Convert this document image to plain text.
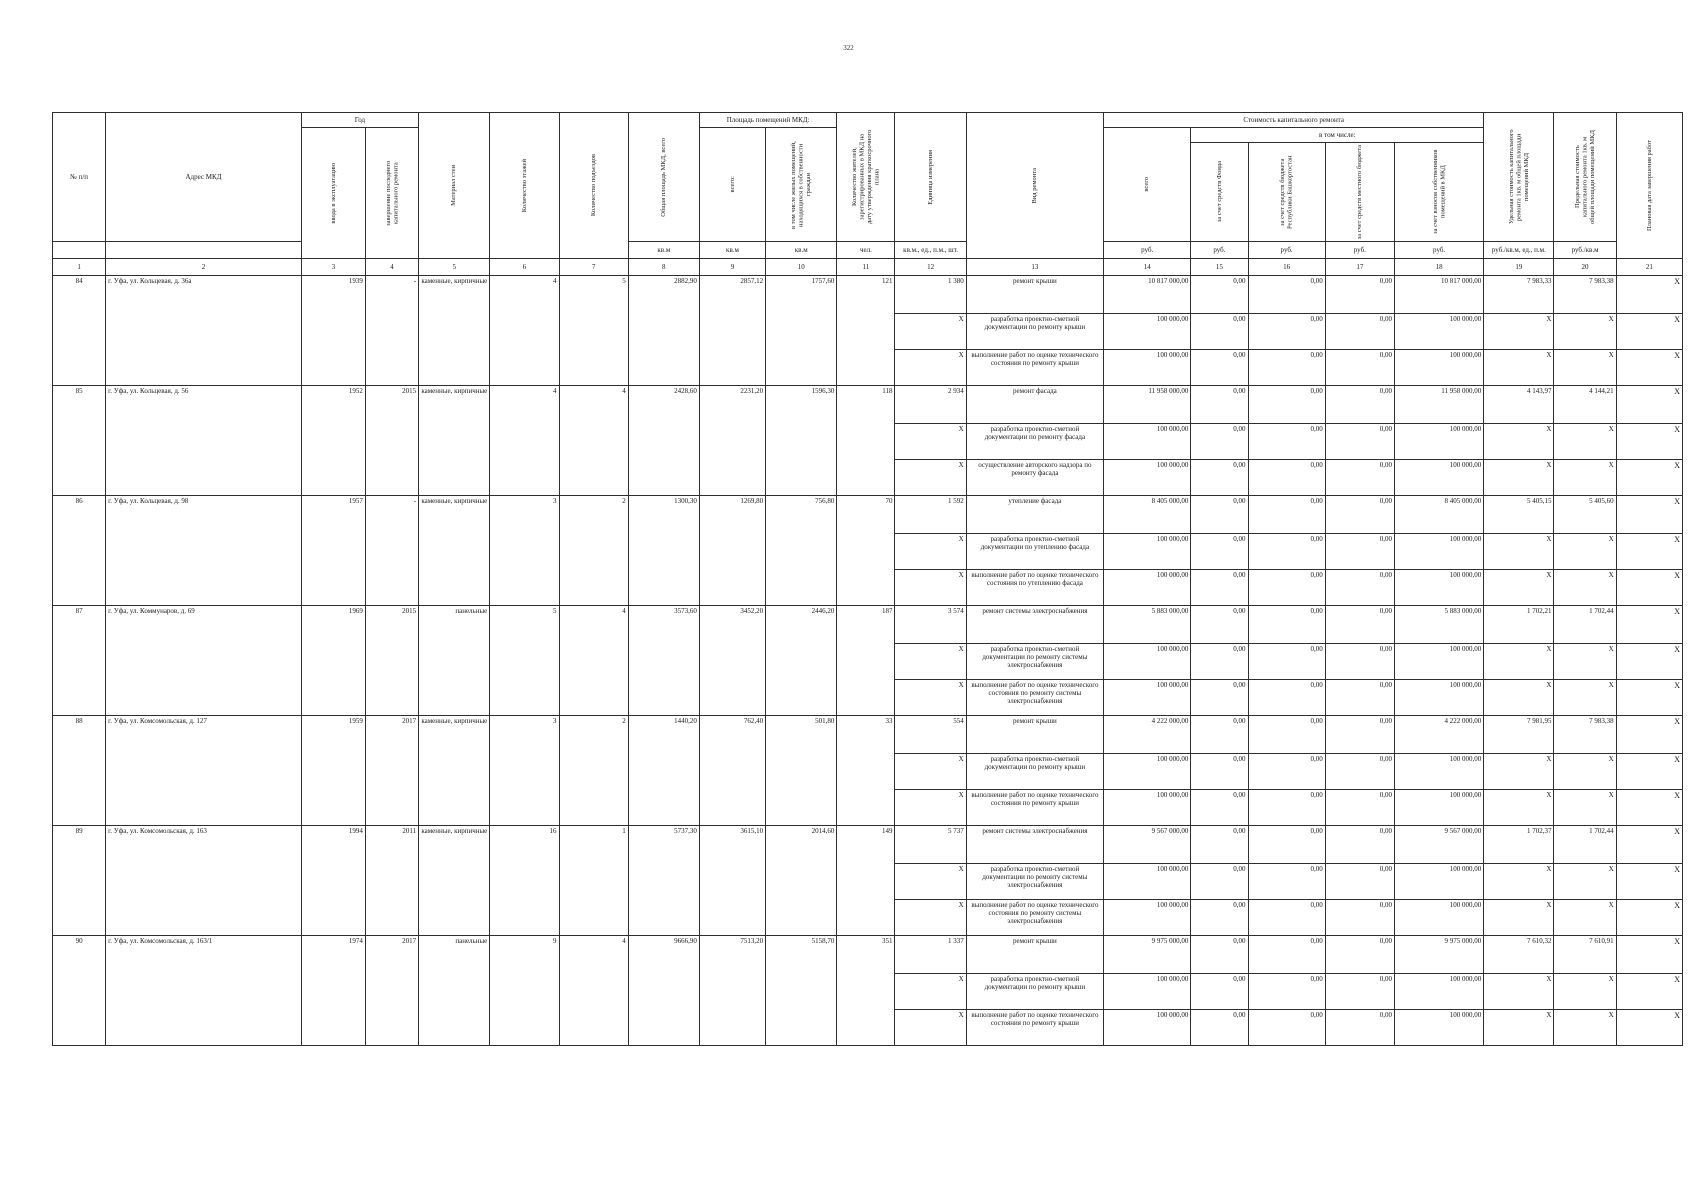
322
№ п/п	Адрес МКД	Год		Материал стен	Количество этажей	Количество подъездов	Общая площадь МКД, всего	Площадь помещений МКД:		Количество жителей, зарегистрированных в МКД на дату утверждения краткосрочного плана	Единица измерения	Вид ремонта	Стоимость капитального ремонта					Удельная стоимость капитального ремонта 1кв. м общей площади помещений МКД	Предельная стоимость капитального ремонта 1кв. м общей площади помещений МКД	Плановая дата завершения работ

		ввода в эксплуатацию	завершение последнего капитального ремонта					всего:	в том числе жилых помещений, находящихся в собственности граждан				всего	в том числе:						

														за счет средств Фонда	за счет средств бюджета Республики Башкортостан	за счет средств местного бюджета	за счет взносов собственников помещений в МКД			

							кв.м	кв.м	кв.м	чел.	кв.м., ед., п.м., шт.		руб.	руб.	руб.	руб.	руб.	руб./кв.м, ед., п.м.	руб./кв.м	
1	2	3	4	5	6	7	8	9	10	11	12	13	14	15	16	17	18	19	20	21
84	г. Уфа, ул. Кольцевая, д. 36а	1939	-	каменные, кирпичные	4	5	2882,90	2857,12	1757,60	121	1 380	ремонт крыши	10 817 000,00	0,00	0,00	0,00	10 817 000,00	7 983,33	7 983,38	X
											X	разработка проектно-сметной документации по ремонту крыши	100 000,00	0,00	0,00	0,00	100 000,00	X	X	X
											X	выполнение работ по оценке технического состояния по ремонту крыши	100 000,00	0,00	0,00	0,00	100 000,00	X	X	X
85	г. Уфа, ул. Кольцевая, д. 56	1952	2015	каменные, кирпичные	4	4	2428,60	2231,20	1596,30	118	2 934	ремонт фасада	11 958 000,00	0,00	0,00	0,00	11 958 000,00	4 143,97	4 144,21	X
											X	разработка проектно-сметной документации по ремонту фасада	100 000,00	0,00	0,00	0,00	100 000,00	X	X	X
											X	осуществление авторского надзора по ремонту фасада	100 000,00	0,00	0,00	0,00	100 000,00	X	X	X
86	г. Уфа, ул. Кольцевая, д. 98	1957	-	каменные, кирпичные	3	2	1300,30	1269,80	756,80	70	1 592	утепление фасада	8 405 000,00	0,00	0,00	0,00	8 405 000,00	5 405,15	5 405,60	X
											X	разработка проектно-сметной документации по утеплению фасада	100 000,00	0,00	0,00	0,00	100 000,00	X	X	X
											X	выполнение работ по оценке технического состояния по утеплению фасада	100 000,00	0,00	0,00	0,00	100 000,00	X	X	X
87	г. Уфа, ул. Коммунаров, д. 69	1969	2015	панельные	5	4	3573,60	3452,20	2446,20	187	3 574	ремонт системы электроснабжения	5 883 000,00	0,00	0,00	0,00	5 883 000,00	1 702,21	1 702,44	X
											X	разработка проектно-сметной документации по ремонту системы электроснабжения	100 000,00	0,00	0,00	0,00	100 000,00	X	X	X
											X	выполнение работ по оценке технического состояния по ремонту системы электроснабжения	100 000,00	0,00	0,00	0,00	100 000,00	X	X	X
88	г. Уфа, ул. Комсомольская, д. 127	1959	2017	каменные, кирпичные	3	2	1440,20	762,40	501,80	33	554	ремонт крыши	4 222 000,00	0,00	0,00	0,00	4 222 000,00	7 981,95	7 983,38	X
											X	разработка проектно-сметной документации по ремонту крыши	100 000,00	0,00	0,00	0,00	100 000,00	X	X	X
											X	выполнение работ по оценке технического состояния по ремонту крыши	100 000,00	0,00	0,00	0,00	100 000,00	X	X	X
89	г. Уфа, ул. Комсомольская, д. 163	1994	2011	каменные, кирпичные	16	1	5737,30	3615,10	2014,60	149	5 737	ремонт системы электроснабжения	9 567 000,00	0,00	0,00	0,00	9 567 000,00	1 702,37	1 702,44	X
											X	разработка проектно-сметной документации по ремонту системы электроснабжения	100 000,00	0,00	0,00	0,00	100 000,00	X	X	X
											X	выполнение работ по оценке технического состояния по ремонту системы электроснабжения	100 000,00	0,00	0,00	0,00	100 000,00	X	X	X
90	г. Уфа, ул. Комсомольская, д. 163/1	1974	2017	панельные	9	4	9666,90	7513,20	5158,70	351	1 337	ремонт крыши	9 975 000,00	0,00	0,00	0,00	9 975 000,00	7 610,32	7 610,91	X
											X	разработка проектно-сметной документации по ремонту крыши	100 000,00	0,00	0,00	0,00	100 000,00	X	X	X
											X	выполнение работ по оценке технического состояния по ремонту крыши	100 000,00	0,00	0,00	0,00	100 000,00	X	X	X
